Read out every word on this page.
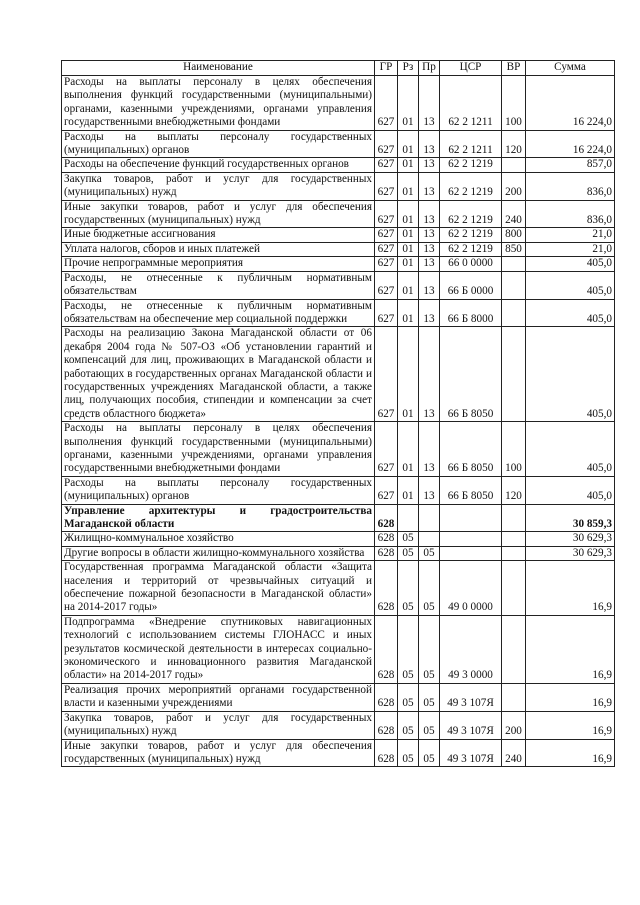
Наименование	ГР	Рз	Пр	ЦСР	ВР	Сумма
Расходы на выплаты персоналу в целях обеспечения выполнения функций государственными (муниципальными) органами, казенными учреждениями, органами управления государственными внебюджетными фондами	627	01	13	62 2 1211	100	16 224,0
Расходы на выплаты персоналу государственных (муниципальных) органов	627	01	13	62 2 1211	120	16 224,0
Расходы на обеспечение функций государственных органов	627	01	13	62 2 1219		857,0
Закупка товаров, работ и услуг для государственных (муниципальных) нужд	627	01	13	62 2 1219	200	836,0
Иные закупки товаров, работ и услуг для обеспечения государственных (муниципальных) нужд	627	01	13	62 2 1219	240	836,0
Иные бюджетные ассигнования	627	01	13	62 2 1219	800	21,0
Уплата налогов, сборов и иных платежей	627	01	13	62 2 1219	850	21,0
Прочие непрограммные мероприятия	627	01	13	66 0 0000		405,0
Расходы, не отнесенные к публичным нормативным обязательствам	627	01	13	66 Б 0000		405,0
Расходы, не отнесенные к публичным нормативным обязательствам на обеспечение мер социальной поддержки	627	01	13	66 Б 8000		405,0
Расходы на реализацию Закона Магаданской области от 06 декабря 2004 года № 507-ОЗ «Об установлении гарантий и компенсаций для лиц, проживающих в Магаданской области и работающих в государственных органах Магаданской области и государственных учреждениях Магаданской области, а также лиц, получающих пособия, стипендии и компенсации за счет средств областного бюджета»	627	01	13	66 Б 8050		405,0
Расходы на выплаты персоналу в целях обеспечения выполнения функций государственными (муниципальными) органами, казенными учреждениями, органами управления государственными внебюджетными фондами	627	01	13	66 Б 8050	100	405,0
Расходы на выплаты персоналу государственных (муниципальных) органов	627	01	13	66 Б 8050	120	405,0
Управление архитектуры и градостроительства Магаданской области	628					30 859,3
Жилищно-коммунальное хозяйство	628	05				30 629,3
Другие вопросы в области жилищно-коммунального хозяйства	628	05	05			30 629,3
Государственная программа Магаданской области «Защита населения и территорий от чрезвычайных ситуаций и обеспечение пожарной безопасности в Магаданской области» на 2014-2017 годы»	628	05	05	49 0 0000		16,9
Подпрограмма «Внедрение спутниковых навигационных технологий с использованием системы ГЛОНАСС и иных результатов космической деятельности в интересах социально-экономического и инновационного развития Магаданской области» на 2014-2017 годы»	628	05	05	49 3 0000		16,9
Реализация прочих мероприятий органами государственной власти и казенными учреждениями	628	05	05	49 3 107Я		16,9
Закупка товаров, работ и услуг для государственных (муниципальных) нужд	628	05	05	49 3 107Я	200	16,9
Иные закупки товаров, работ и услуг для обеспечения государственных (муниципальных) нужд	628	05	05	49 3 107Я	240	16,9
